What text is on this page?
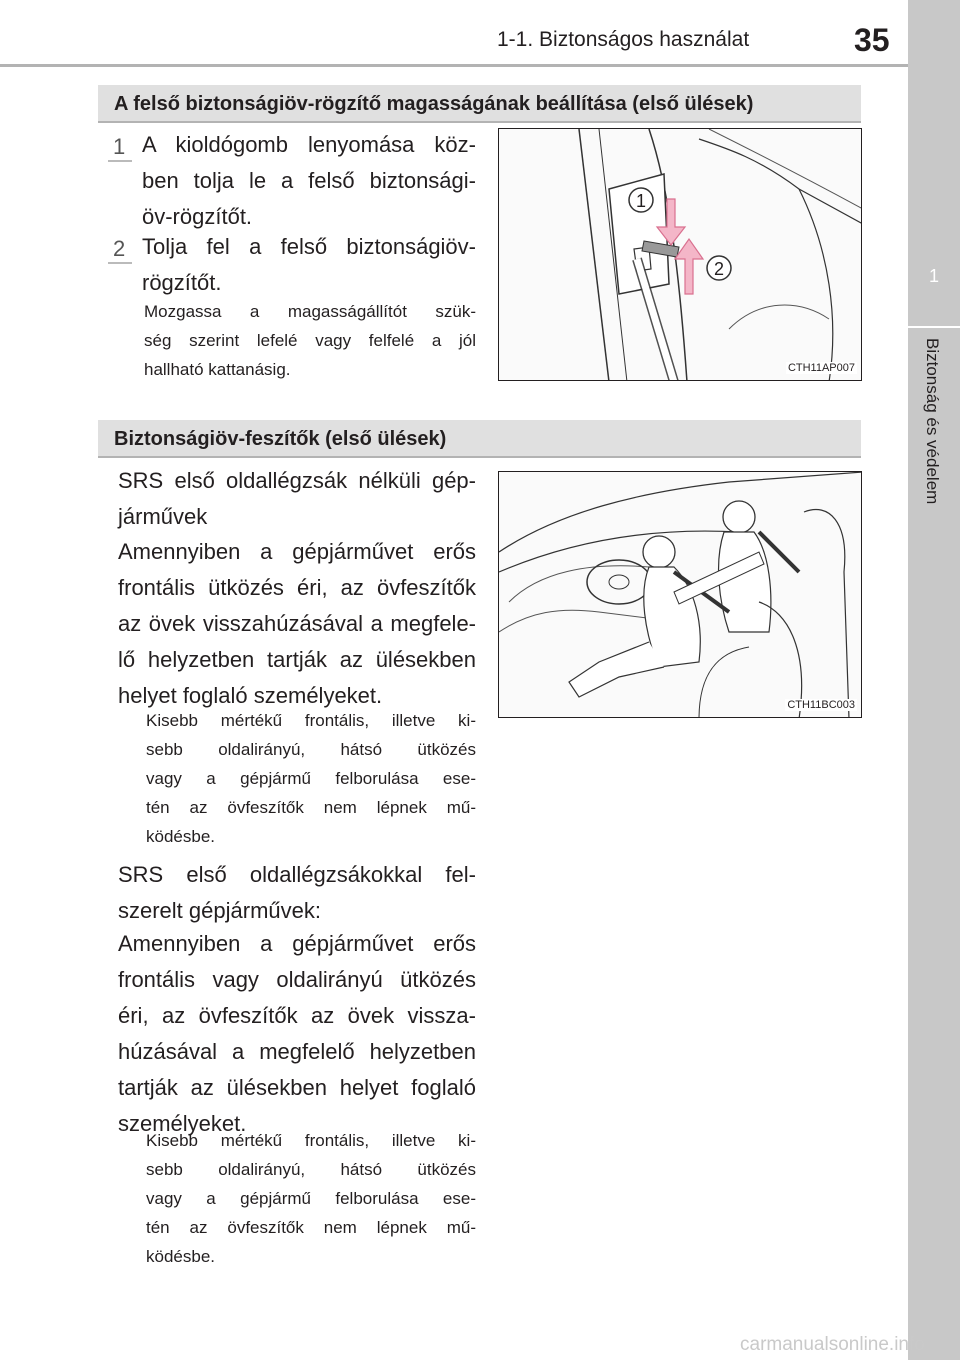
1-1. Biztonságos használat	35
1
Biztonság és védelem
A felső biztonságiöv-rögzítő magasságának beállítása (első ülések)
1 A kioldógomb lenyomása köz-
ben tolja le a felső biztonsági-
öv-rögzítőt.
2 Tolja fel a felső biztonságiöv-
rögzítőt.
Mozgassa a magasságállítót szük-
ség szerint lefelé vagy felfelé a jól
hallható kattanásig.
1
2
CTH11AP007
Biztonságiöv-feszítők (első ülések)
SRS első oldallégzsák nélküli gép-
járművek
Amennyiben a gépjárművet erős
frontális ütközés éri, az övfeszítők
az övek visszahúzásával a megfele-
lő helyzetben tartják az ülésekben
helyet foglaló személyeket.
Kisebb mértékű frontális, illetve ki-
sebb oldalirányú, hátsó ütközés
vagy a gépjármű felborulása ese-
tén az övfeszítők nem lépnek mű-
ködésbe.
SRS első oldallégzsákokkal fel-
szerelt gépjárművek:
Amennyiben a gépjárművet erős
frontális vagy oldalirányú ütközés
éri, az övfeszítők az övek vissza-
húzásával a megfelelő helyzetben
tartják az ülésekben helyet foglaló
személyeket.
Kisebb mértékű frontális, illetve ki-
sebb oldalirányú, hátsó ütközés
vagy a gépjármű felborulása ese-
tén az övfeszítők nem lépnek mű-
ködésbe.
CTH11BC003
carmanualsonline.info
